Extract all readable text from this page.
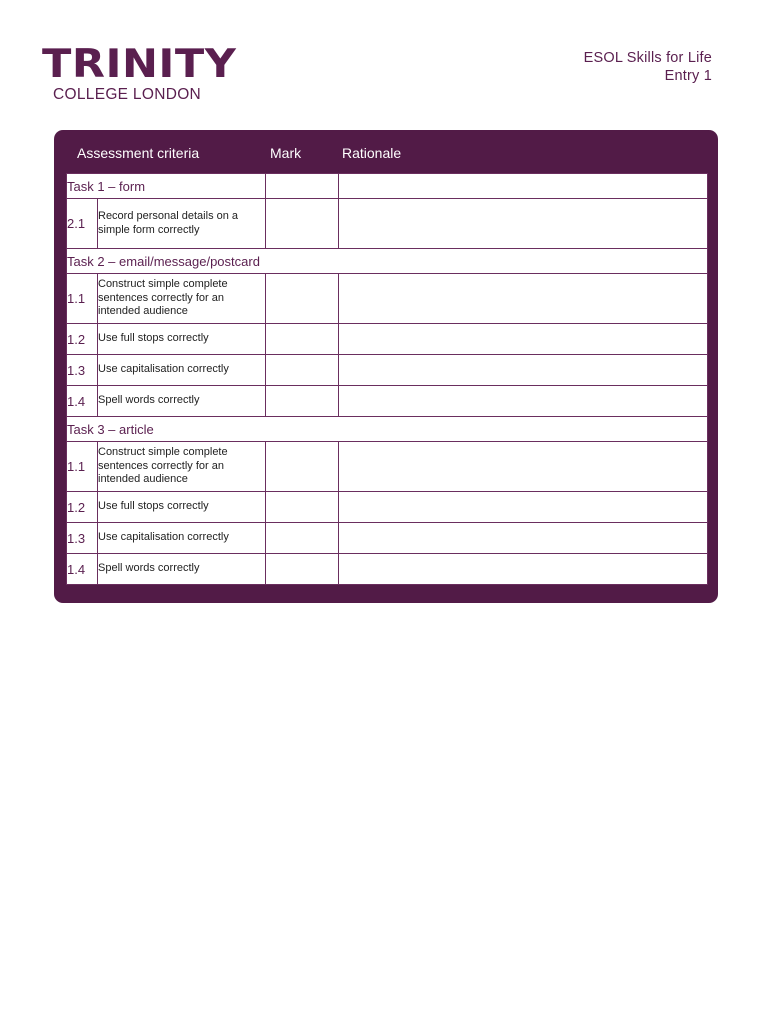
TRINITY
COLLEGE LONDON
ESOL Skills for Life
Entry 1
Assessment criteria	Mark	Rationale
Task 1 – form			
2.1	Record personal details on a simple form correctly		
Task 2 – email/message/postcard			
1.1	Construct simple complete sentences correctly for an intended audience		
1.2	Use full stops correctly		
1.3	Use capitalisation correctly		
1.4	Spell words correctly		
Task 3 – article			
1.1	Construct simple complete sentences correctly for an intended audience		
1.2	Use full stops correctly		
1.3	Use capitalisation correctly		
1.4	Spell words correctly		
